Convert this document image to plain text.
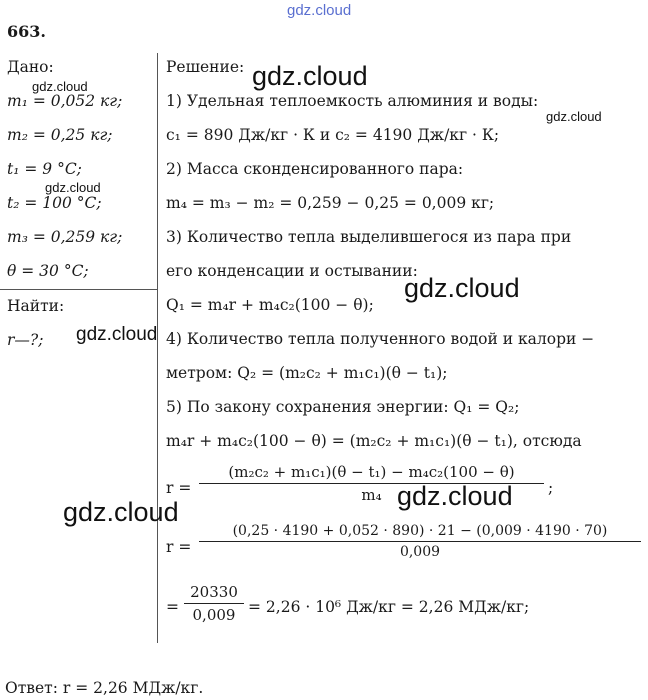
gdz.cloud
663.
Дано:
m₁ = 0,052 кг;
m₂ = 0,25 кг;
t₁ = 9 °C;
t₂ = 100 °C;
m₃ = 0,259 кг;
θ = 30 °C;
Найти:
r—?;
Решение:
1) Удельная теплоемкость алюминия и воды:
c₁ = 890 Дж/кг · К и c₂ = 4190 Дж/кг · К;
2) Масса сконденсированного пара:
m₄ = m₃ − m₂ = 0,259 − 0,25 = 0,009 кг;
3) Количество тепла выделившегося из пара при
его конденсации и остывании:
Q₁ = m₄r + m₄c₂(100 − θ);
4) Количество тепла полученного водой и калори −
метром: Q₂ = (m₂c₂ + m₁c₁)(θ − t₁);
5) По закону сохранения энергии: Q₁ = Q₂;
m₄r + m₄c₂(100 − θ) = (m₂c₂ + m₁c₁)(θ − t₁), отсюда
r =
(m₂c₂ + m₁c₁)(θ − t₁) − m₄c₂(100 − θ)
m₄	;
r =
(0,25 · 4190 + 0,052 · 890) · 21 − (0,009 · 4190 · 70)
0,009
=
20330
0,009 = 2,26 · 10⁶ Дж/кг = 2,26 МДж/кг;
Ответ: r = 2,26 МДж/кг.
gdz.cloud
gdz.cloud
gdz.cloud
gdz.cloud
gdz.cloud
gdz.cloud
gdz.cloud
gdz.cloud
